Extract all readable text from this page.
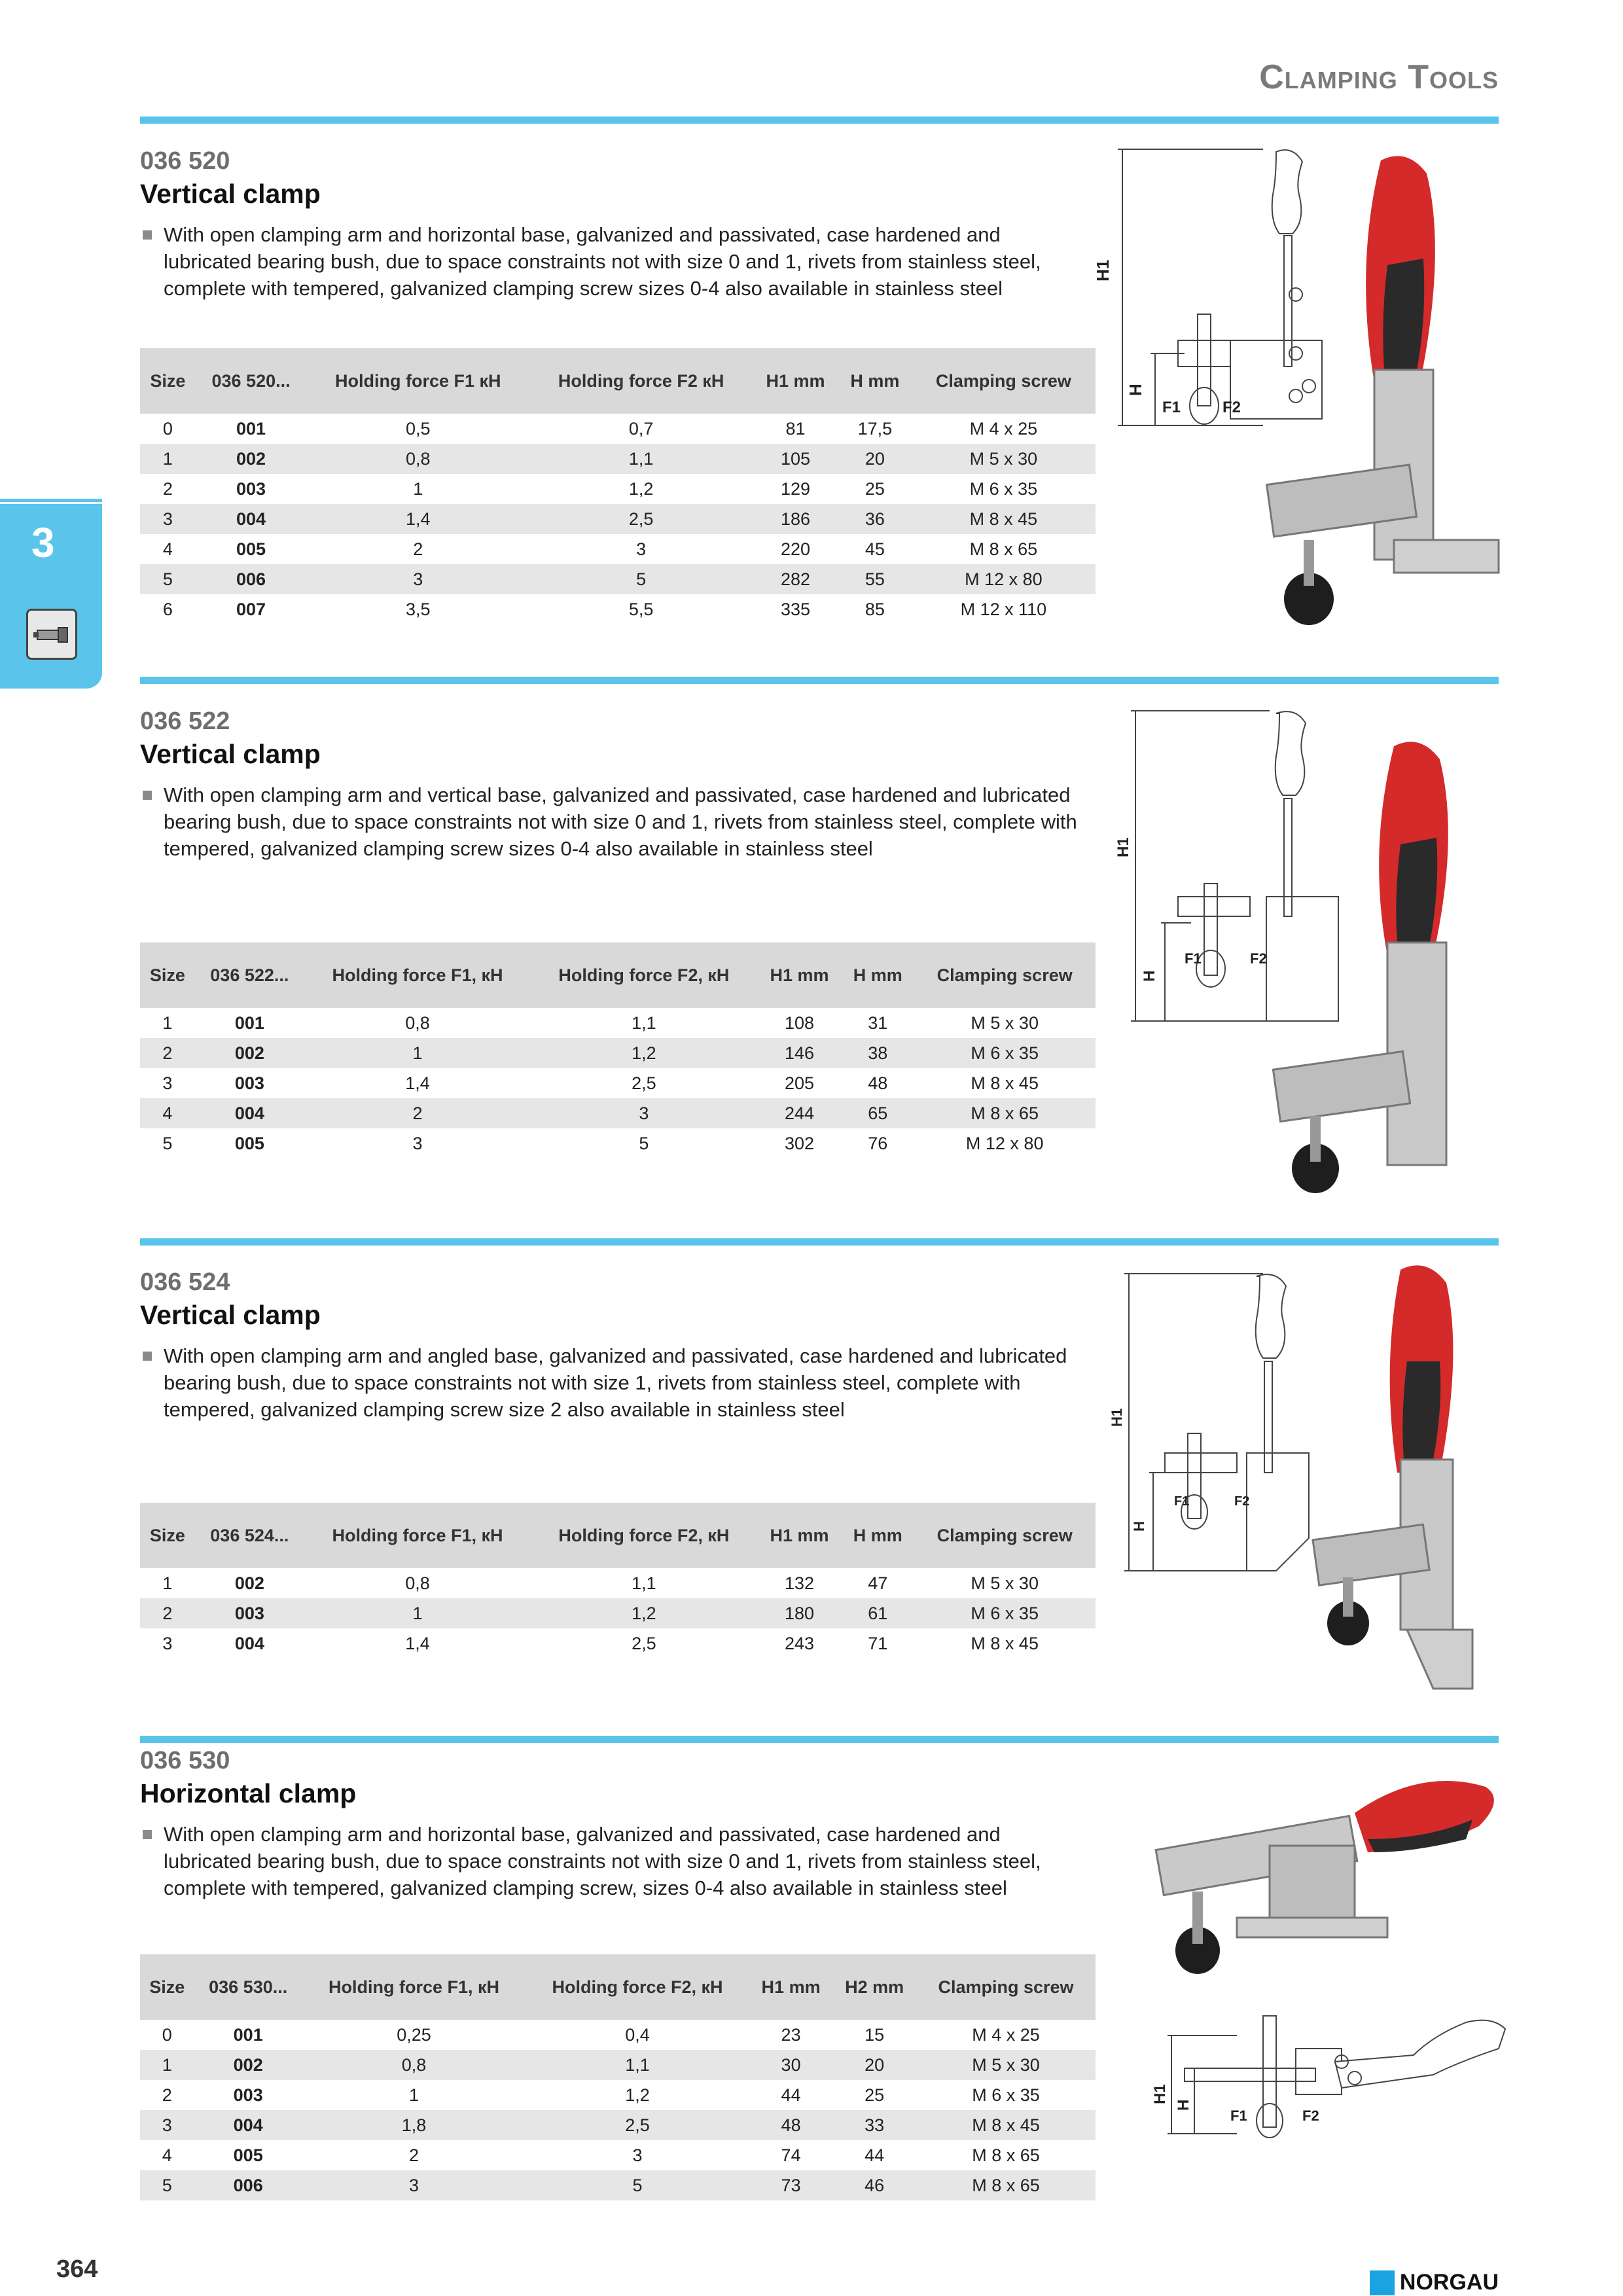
Clamping Tools
3
036 520
Vertical clamp
With open clamping arm and horizontal base, galvanized and passivated, case hardened and lubricated bearing bush, due to space constraints not with size 0 and 1, rivets from stainless steel, complete with tempered, galvanized clamping screw sizes 0-4 also available in stainless steel
Size	036 520...	Holding force F1 кН	Holding force F2 кН	H1 mm	H mm	Clamping screw
0	001	0,5	0,7	81	17,5	M 4 x 25
1	002	0,8	1,1	105	20	M 5 x 30
2	003	1	1,2	129	25	M 6 x 35
3	004	1,4	2,5	186	36	M 8 x 45
4	005	2	3	220	45	M 8 x 65
5	006	3	5	282	55	M 12 x 80
6	007	3,5	5,5	335	85	M 12 x 110
036 522
Vertical clamp
With open clamping arm and vertical base, galvanized and passivated, case hardened and lubricated bearing bush, due to space constraints not with size 0 and 1, rivets from stainless steel, complete with tempered, galvanized clamping screw sizes 0-4 also available in stainless steel
Size	036 522...	Holding force F1, кН	Holding force F2, кН	H1 mm	H mm	Clamping screw
1	001	0,8	1,1	108	31	M 5 x 30
2	002	1	1,2	146	38	M 6 x 35
3	003	1,4	2,5	205	48	M 8 x 45
4	004	2	3	244	65	M 8 x 65
5	005	3	5	302	76	M 12 x 80
036 524
Vertical clamp
With open clamping arm and angled base, galvanized and passivated, case hardened and lubricated bearing bush, due to space constraints not with size 1, rivets from stainless steel, complete with tempered, galvanized clamping screw size 2 also available in stainless steel
Size	036 524...	Holding force F1, кН	Holding force F2, кН	H1 mm	H mm	Clamping screw
1	002	0,8	1,1	132	47	M 5 x 30
2	003	1	1,2	180	61	M 6 x 35
3	004	1,4	2,5	243	71	M 8 x 45
036 530
Horizontal clamp
With open clamping arm and horizontal base, galvanized and passivated, case hardened and lubricated bearing bush, due to space constraints not with size 0 and 1, rivets from stainless steel, complete with tempered, galvanized clamping screw, sizes 0-4 also available in stainless steel
Size	036 530...	Holding force F1, кН	Holding force F2, кН	H1 mm	H2 mm	Clamping screw
0	001	0,25	0,4	23	15	M 4 x 25
1	002	0,8	1,1	30	20	M 5 x 30
2	003	1	1,2	44	25	M 6 x 35
3	004	1,8	2,5	48	33	M 8 x 45
4	005	2	3	74	44	M 8 x 65
5	006	3	5	73	46	M 8 x 65
H1
H
F1	F2
H1
H
F1	F2
H1
H
F1	F2
H1
H
F1	F2
364	NORGAU
